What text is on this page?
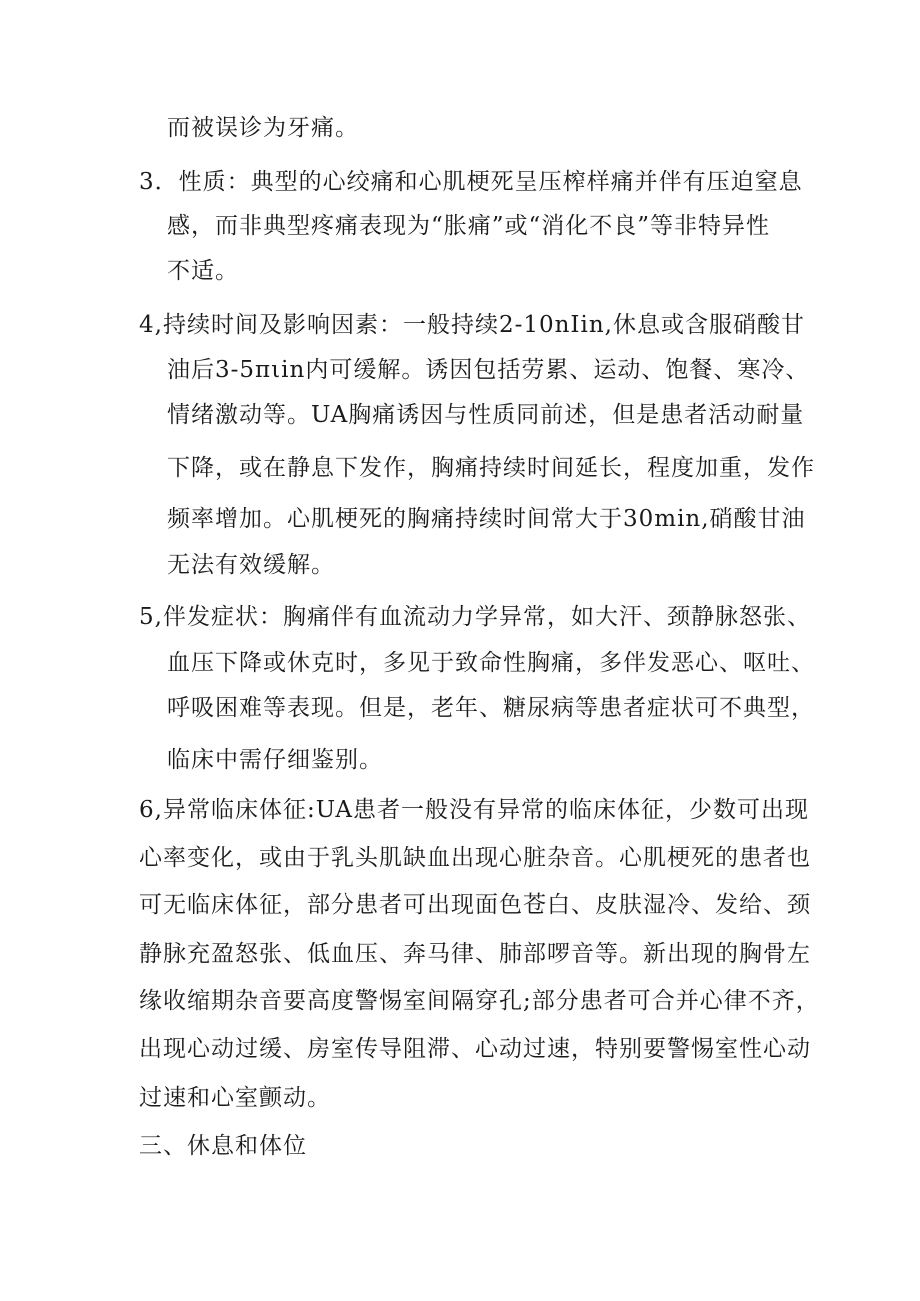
而被误诊为牙痛。
3．性质：典型的心绞痛和心肌梗死呈压榨样痛并伴有压迫窒息
感，而非典型疼痛表现为“胀痛”或“消化不良”等非特异性
不适。
4,持续时间及影响因素：一般持续2-10nIin,休息或含服硝酸甘
油后3-5πιin内可缓解。诱因包括劳累、运动、饱餐、寒冷、
情绪激动等。UA胸痛诱因与性质同前述，但是患者活动耐量
下降，或在静息下发作，胸痛持续时间延长，程度加重，发作
频率增加。心肌梗死的胸痛持续时间常大于30min,硝酸甘油
无法有效缓解。
5,伴发症状：胸痛伴有血流动力学异常，如大汗、颈静脉怒张、
血压下降或休克时，多见于致命性胸痛，多伴发恶心、呕吐、
呼吸困难等表现。但是，老年、糖尿病等患者症状可不典型，
临床中需仔细鉴别。
6,异常临床体征:UA患者一般没有异常的临床体征，少数可出现
心率变化，或由于乳头肌缺血出现心脏杂音。心肌梗死的患者也
可无临床体征，部分患者可出现面色苍白、皮肤湿冷、发给、颈
静脉充盈怒张、低血压、奔马律、肺部啰音等。新出现的胸骨左
缘收缩期杂音要高度警惕室间隔穿孔;部分患者可合并心律不齐，
出现心动过缓、房室传导阻滞、心动过速，特别要警惕室性心动
过速和心室颤动。
三、休息和体位
